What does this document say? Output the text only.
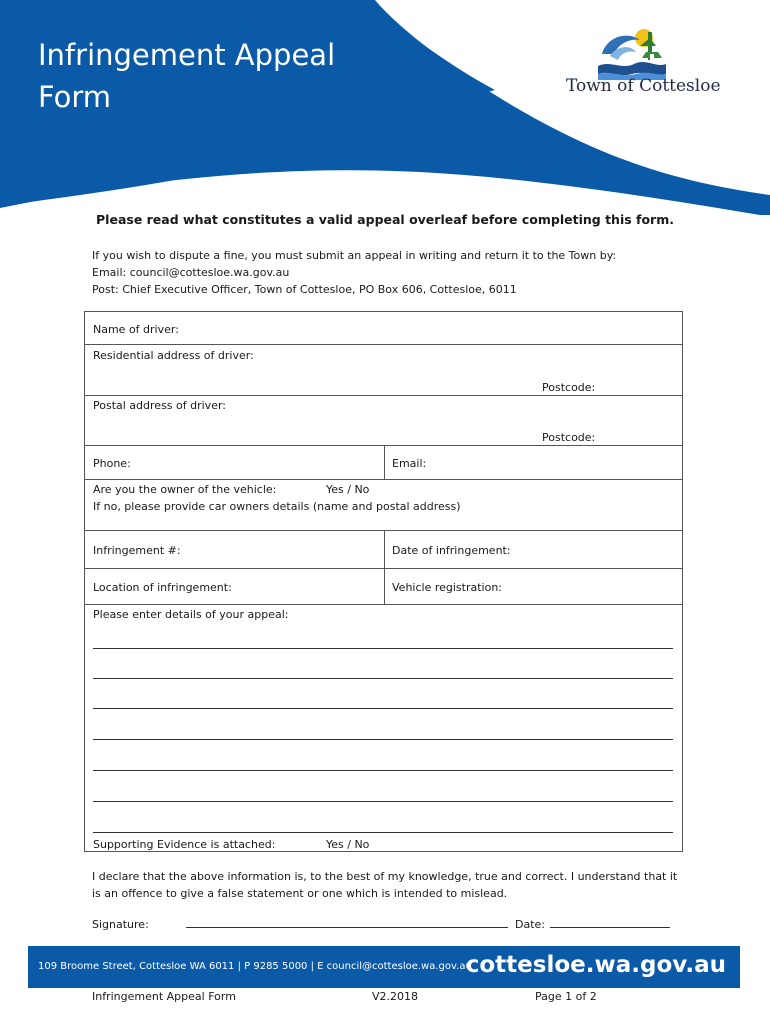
Infringement Appeal Form	Town of Cottesloe
Please read what constitutes a valid appeal overleaf before completing this form.
If you wish to dispute a fine, you must submit an appeal in writing and return it to the Town by:
Email: council@cottesloe.wa.gov.au
Post: Chief Executive Officer, Town of Cottesloe, PO Box 606, Cottesloe, 6011
Name of driver:
Residential address of driver:
Postcode:
Postal address of driver:
Postcode:
Phone:	Email:
Are you the owner of the vehicle:	Yes / No
If no, please provide car owners details (name and postal address)
Infringement #:	Date of infringement:
Location of infringement:	Vehicle registration:
Please enter details of your appeal:
Supporting Evidence is attached:	Yes / No
I declare that the above information is, to the best of my knowledge, true and correct. I understand that it is an offence to give a false statement or one which is intended to mislead.
Signature:	Date:
109 Broome Street, Cottesloe WA 6011 | P 9285 5000 | E council@cottesloe.wa.gov.au
cottesloe.wa.gov.au
Infringement Appeal Form	V2.2018	Page 1 of 2
